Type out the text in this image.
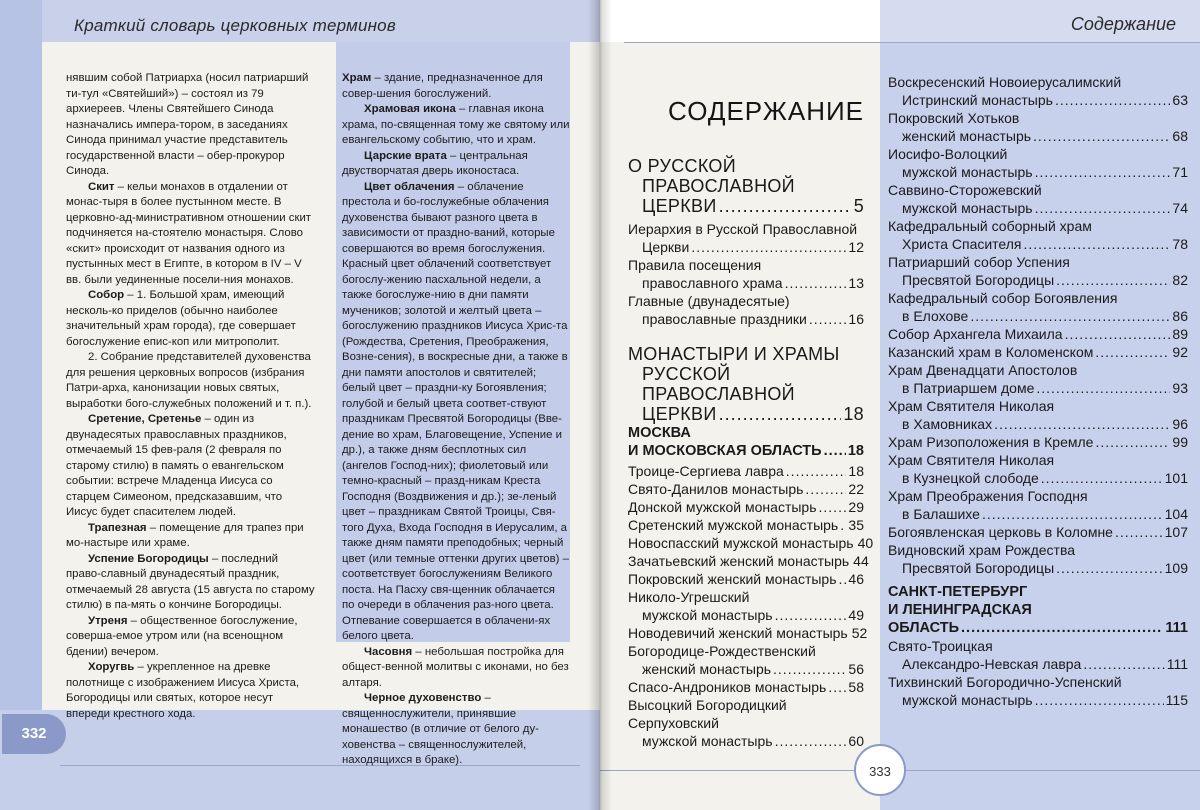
Краткий словарь церковных терминов
332

нявшим собой Патриарха (носил патриарший ти-тул «Святейший») – состоял из 79 архиереев. Члены Святейшего Синода назначались импера-тором, в заседаниях Синода принимал участие представитель государственной власти – обер-прокурор Синода.

Скит – кельи монахов в отдалении от монас-тыря в более пустынном месте. В церковно-ад-министративном отношении скит подчиняется на-стоятелю монастыря. Слово «скит» происходит от названия одного из пустынных мест в Египте, в котором в IV – V вв. были уединенные посели-ния монахов.

Собор – 1. Большой храм, имеющий несколь-ко приделов (обычно наиболее значительный храм города), где совершает богослужение епис-коп или митрополит.

2. Собрание представителей духовенства для решения церковных вопросов (избрания Патри-арха, канонизации новых святых, выработки бого-служебных положений и т. п.).

Сретение, Сретенье – один из двунадесятых православных праздников, отмечаемый 15 фев-раля (2 февраля по старому стилю) в память о евангельском событии: встрече Младенца Иисуса со старцем Симеоном, предсказавшим, что Иисус будет спасителем людей.

Трапезная – помещение для трапез при мо-настыре или храме.

Успение Богородицы – последний право-славный двунадесятый праздник, отмечаемый 28 августа (15 августа по старому стилю) в па-мять о кончине Богородицы.

Утреня – общественное богослужение, соверша-емое утром или (на всенощном бдении) вечером.

Хоругвь – укрепленное на древке полотнище с изображением Иисуса Христа, Богородицы или святых, которое несут впереди крестного хода.

Храм – здание, предназначенное для совер-шения богослужений.

Храмовая икона – главная икона храма, по-священная тому же святому или евангельскому событию, что и храм.

Царские врата – центральная двустворчатая дверь иконостаса.

Цвет облачения – облачение престола и бо-гослужебные облачения духовенства бывают разного цвета в зависимости от праздно-ваний, которые совершаются во время богослужения. Красный цвет облачений соответствует богослу-жению пасхальной недели, а также богослуже-нию в дни памяти мучеников; золотой и желтый цвета – богослужению праздников Иисуса Хрис-та (Рождества, Сретения, Преображения, Возне-сения), в воскресные дни, а также в дни памяти апостолов и святителей; белый цвет – праздни-ку Богоявления; голубой и белый цвета соответ-ствуют праздникам Пресвятой Богородицы (Вве-дение во храм, Благовещение, Успение и др.), а также дням бесплотных сил (ангелов Господ-них); фиолетовый или темно-красный – празд-никам Креста Господня (Воздвижения и др.); зе-леный цвет – праздникам Святой Троицы, Свя-того Духа, Входа Господня в Иерусалим, а также дням памяти преподобных; черный цвет (или темные оттенки других цветов) – соответствует богослужениям Великого поста. На Пасху свя-щенник облачается по очереди в облачения раз-ного цвета. Отпевание совершается в облачени-ях белого цвета.

Часовня – небольшая постройка для общест-венной молитвы с иконами, но без алтаря.

Черное духовенство – священнослужители, принявшие монашество (в отличие от белого ду-ховенства – священнослужителей, находящихся в браке).

Содержание
333
СОДЕРЖАНИЕ
О РУССКОЙ
ПРАВОСЛАВНОЙ
ЦЕРКВИ .....	5
Иерархия в Русской Православной
Церкви .....	12
Правила посещения
православного храма .....	13
Главные (двунадесятые)
православные праздники .....	16
МОНАСТЫРИ И ХРАМЫ
РУССКОЙ
ПРАВОСЛАВНОЙ
ЦЕРКВИ .....	18
МОСКВА
И МОСКОВСКАЯ ОБЛАСТЬ ..... 18
Троице-Сергиева лавра .....	18
Свято-Данилов монастырь .....	22
Донской мужской монастырь ..... 29
Сретенский мужской монастырь ..... 35
Новоспасский мужской монастырь 40
Зачатьевский женский монастырь 44
Покровский женский монастырь ..... 46
Николо-Угрешский
мужской монастырь .....	49
Новодевичий женский монастырь 52
Богородице-Рождественский
женский монастырь .....	56
Спасо-Андроников монастырь ..... 58
Высоцкий Богородицкий Серпуховский
мужской монастырь .....	60
Воскресенский Новоиерусалимский
Истринский монастырь .....	63
Покровский Хотьков
женский монастырь .....	68
Иосифо-Волоцкий
мужской монастырь .....	71
Саввино-Сторожевский
мужской монастырь .....	74
Кафедральный соборный храм
Христа Спасителя .....	78
Патриарший собор Успения
Пресвятой Богородицы .....	82
Кафедральный собор Богоявления
в Елохове .....	86
Собор Архангела Михаила .....	89
Казанский храм в Коломенском .....	92
Храм Двенадцати Апостолов
в Патриаршем доме .....	93
Храм Святителя Николая
в Хамовниках .....	96
Храм Ризоположения в Кремле .....	99
Храм Святителя Николая
в Кузнецкой слободе .....	101
Храм Преображения Господня
в Балашихе .....	104
Богоявленская церковь в Коломне .....	107
Видновский храм Рождества
Пресвятой Богородицы .....	109
САНКТ-ПЕТЕРБУРГ
И ЛЕНИНГРАДСКАЯ
ОБЛАСТЬ .....	111
Свято-Троицкая
Александро-Невская лавра .....	111
Тихвинский Богородично-Успенский
мужской монастырь .....	115
